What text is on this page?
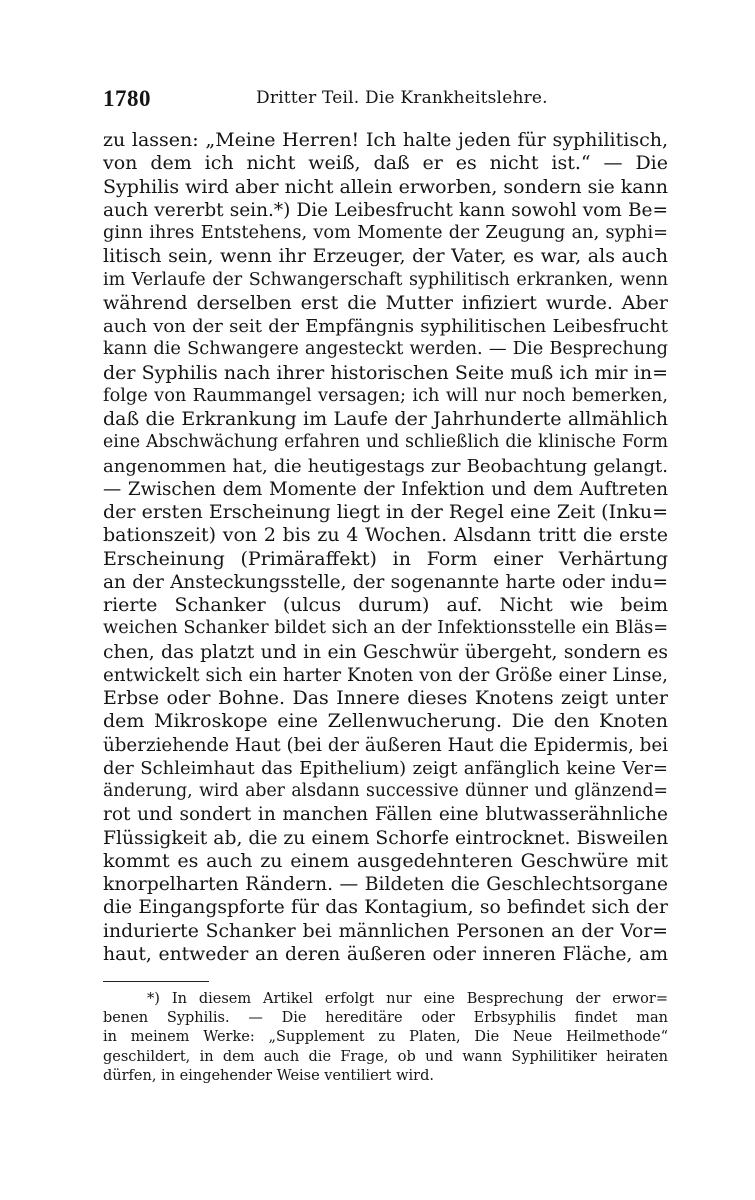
1780	Dritter Teil. Die Krankheitslehre.
zu lassen: „Meine Herren! Ich halte jeden für syphilitisch,
von dem ich nicht weiß, daß er es nicht ist.“ — Die
Syphilis wird aber nicht allein erworben, sondern sie kann
auch vererbt sein.*) Die Leibesfrucht kann sowohl vom Be=
ginn ihres Entstehens, vom Momente der Zeugung an, syphi=
litisch sein, wenn ihr Erzeuger, der Vater, es war, als auch
im Verlaufe der Schwangerschaft syphilitisch erkranken, wenn
während derselben erst die Mutter infiziert wurde. Aber
auch von der seit der Empfängnis syphilitischen Leibesfrucht
kann die Schwangere angesteckt werden. — Die Besprechung
der Syphilis nach ihrer historischen Seite muß ich mir in=
folge von Raummangel versagen; ich will nur noch bemerken,
daß die Erkrankung im Laufe der Jahrhunderte allmählich
eine Abschwächung erfahren und schließlich die klinische Form
angenommen hat, die heutigestags zur Beobachtung gelangt.
— Zwischen dem Momente der Infektion und dem Auftreten
der ersten Erscheinung liegt in der Regel eine Zeit (Inku=
bationszeit) von 2 bis zu 4 Wochen. Alsdann tritt die erste
Erscheinung (Primäraffekt) in Form einer Verhärtung
an der Ansteckungsstelle, der sogenannte harte oder indu=
rierte Schanker (ulcus durum) auf. Nicht wie beim
weichen Schanker bildet sich an der Infektionsstelle ein Bläs=
chen, das platzt und in ein Geschwür übergeht, sondern es
entwickelt sich ein harter Knoten von der Größe einer Linse,
Erbse oder Bohne. Das Innere dieses Knotens zeigt unter
dem Mikroskope eine Zellenwucherung. Die den Knoten
überziehende Haut (bei der äußeren Haut die Epidermis, bei
der Schleimhaut das Epithelium) zeigt anfänglich keine Ver=
änderung, wird aber alsdann successive dünner und glänzend=
rot und sondert in manchen Fällen eine blutwasserähnliche
Flüssigkeit ab, die zu einem Schorfe eintrocknet. Bisweilen
kommt es auch zu einem ausgedehnteren Geschwüre mit
knorpelharten Rändern. — Bildeten die Geschlechtsorgane
die Eingangspforte für das Kontagium, so befindet sich der
indurierte Schanker bei männlichen Personen an der Vor=
haut, entweder an deren äußeren oder inneren Fläche, am
*) In diesem Artikel erfolgt nur eine Besprechung der erwor=
benen Syphilis. — Die hereditäre oder Erbsyphilis findet man
in meinem Werke: „Supplement zu Platen, Die Neue Heilmethode“
geschildert, in dem auch die Frage, ob und wann Syphilitiker heiraten
dürfen, in eingehender Weise ventiliert wird.
